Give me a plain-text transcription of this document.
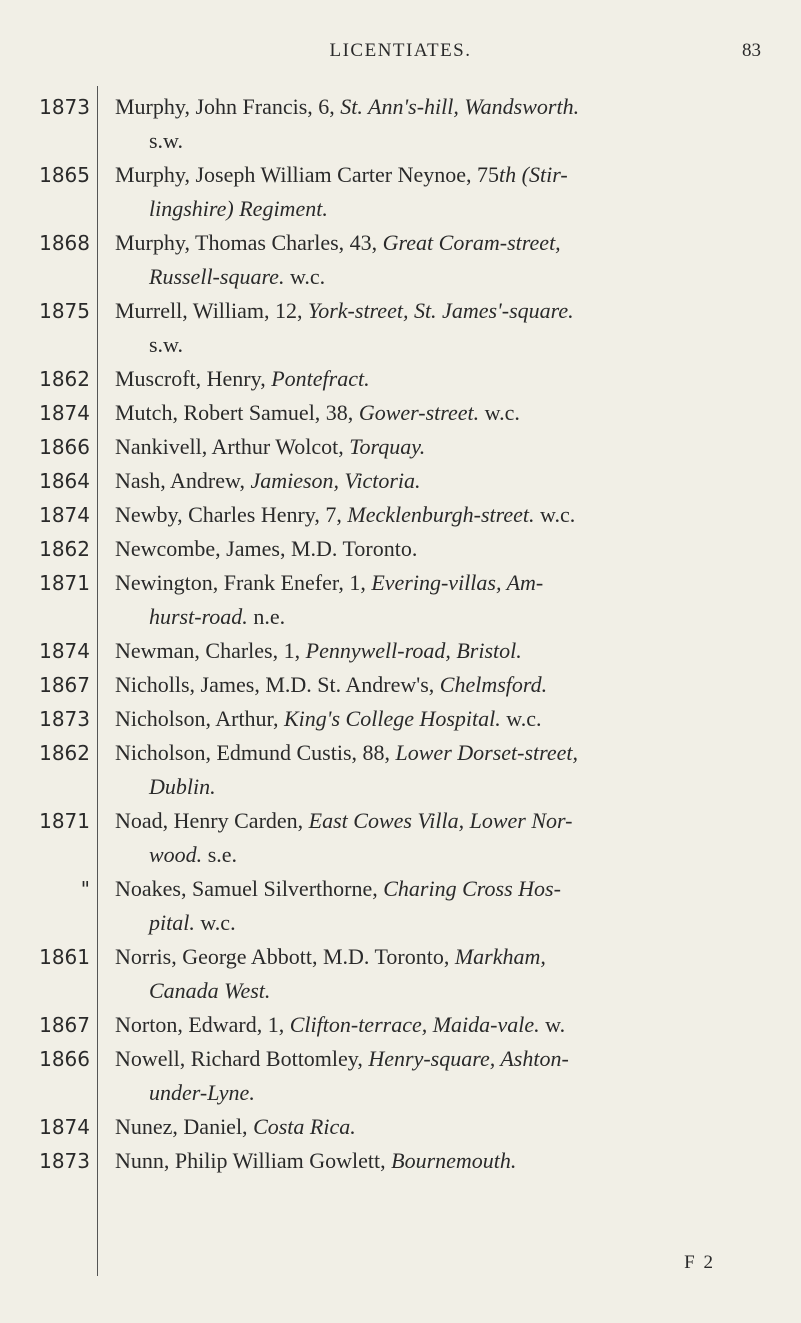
LICENTIATES.	83
1873 Murphy, John Francis, 6, St. Ann's-hill, Wandsworth.
s.w.
1865 Murphy, Joseph William Carter Neynoe, 75th (Stir-
lingshire) Regiment.
1868 Murphy, Thomas Charles, 43, Great Coram-street,
Russell-square. w.c.
1875 Murrell, William, 12, York-street, St. James'-square.
s.w.
1862 Muscroft, Henry, Pontefract.
1874 Mutch, Robert Samuel, 38, Gower-street. w.c.
1866 Nankivell, Arthur Wolcot, Torquay.
1864 Nash, Andrew, Jamieson, Victoria.
1874 Newby, Charles Henry, 7, Mecklenburgh-street. w.c.
1862 Newcombe, James, M.D. Toronto.
1871 Newington, Frank Enefer, 1, Evering-villas, Am-
hurst-road. n.e.
1874 Newman, Charles, 1, Pennywell-road, Bristol.
1867 Nicholls, James, M.D. St. Andrew's, Chelmsford.
1873 Nicholson, Arthur, King's College Hospital. w.c.
1862 Nicholson, Edmund Custis, 88, Lower Dorset-street,
Dublin.
1871 Noad, Henry Carden, East Cowes Villa, Lower Nor-
wood. s.e.
" Noakes, Samuel Silverthorne, Charing Cross Hos-
pital. w.c.
1861 Norris, George Abbott, M.D. Toronto, Markham,
Canada West.
1867 Norton, Edward, 1, Clifton-terrace, Maida-vale. w.
1866 Nowell, Richard Bottomley, Henry-square, Ashton-
under-Lyne.
1874 Nunez, Daniel, Costa Rica.
1873 Nunn, Philip William Gowlett, Bournemouth.
F 2
